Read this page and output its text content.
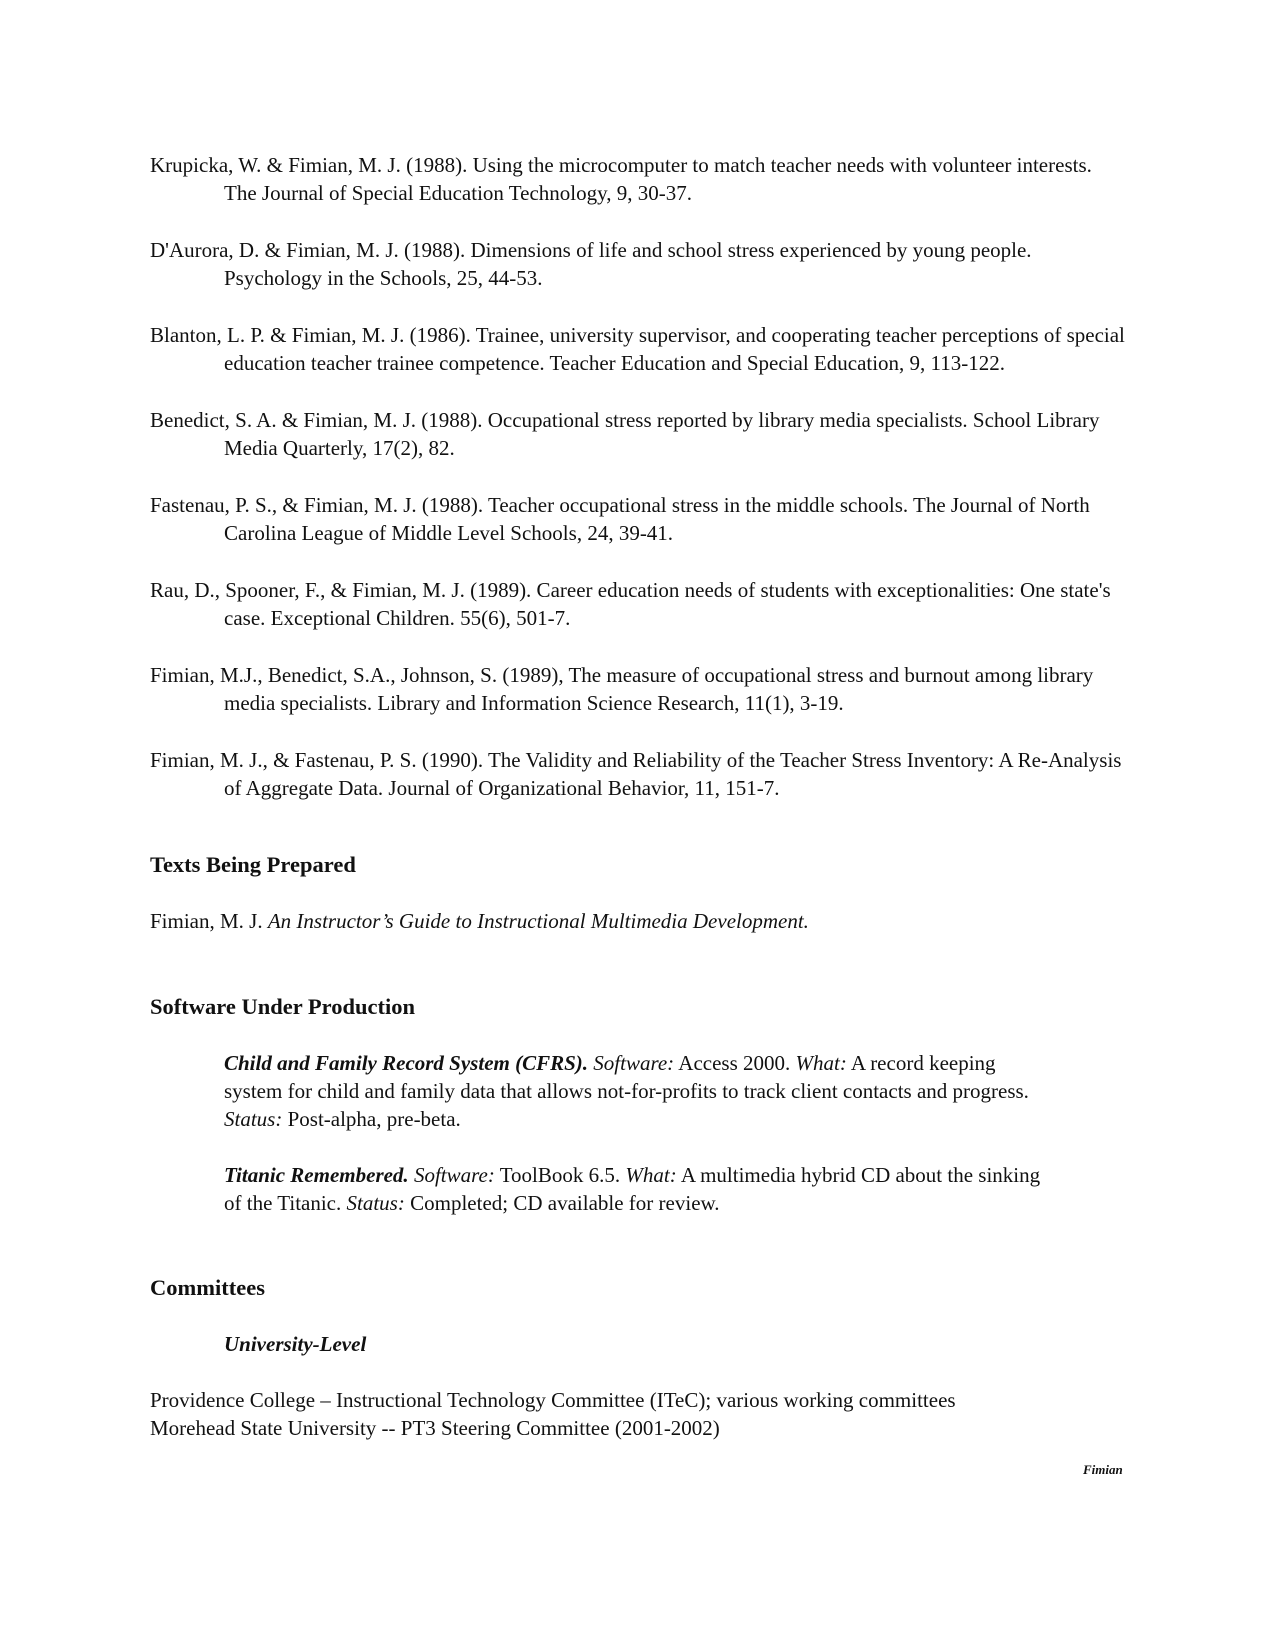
Krupicka, W. & Fimian, M. J. (1988). Using the microcomputer to match teacher needs with volunteer interests. The Journal of Special Education Technology, 9, 30-37.

D'Aurora, D. & Fimian, M. J. (1988). Dimensions of life and school stress experienced by young people. Psychology in the Schools, 25, 44-53.

Blanton, L. P. & Fimian, M. J. (1986). Trainee, university supervisor, and cooperating teacher perceptions of special education teacher trainee competence. Teacher Education and Special Education, 9, 113-122.

Benedict, S. A. & Fimian, M. J. (1988). Occupational stress reported by library media specialists. School Library Media Quarterly, 17(2), 82.

Fastenau, P. S., & Fimian, M. J. (1988). Teacher occupational stress in the middle schools. The Journal of North Carolina League of Middle Level Schools, 24, 39-41.

Rau, D., Spooner, F., & Fimian, M. J. (1989). Career education needs of students with exceptionalities: One state's case. Exceptional Children. 55(6), 501-7.

Fimian, M.J., Benedict, S.A., Johnson, S. (1989), The measure of occupational stress and burnout among library media specialists. Library and Information Science Research, 11(1), 3-19.

Fimian, M. J., & Fastenau, P. S. (1990). The Validity and Reliability of the Teacher Stress Inventory: A Re-Analysis of Aggregate Data. Journal of Organizational Behavior, 11, 151-7.

Texts Being Prepared

Fimian, M. J. An Instructor’s Guide to Instructional Multimedia Development.

Software Under Production

Child and Family Record System (CFRS). Software: Access 2000. What: A record keeping system for child and family data that allows not-for-profits to track client contacts and progress. Status: Post-alpha, pre-beta.

Titanic Remembered. Software: ToolBook 6.5. What: A multimedia hybrid CD about the sinking of the Titanic. Status: Completed; CD available for review.

Committees

University-Level

Providence College – Instructional Technology Committee (ITeC); various working committees

Morehead State University -- PT3 Steering Committee (2001-2002)

Fimian
